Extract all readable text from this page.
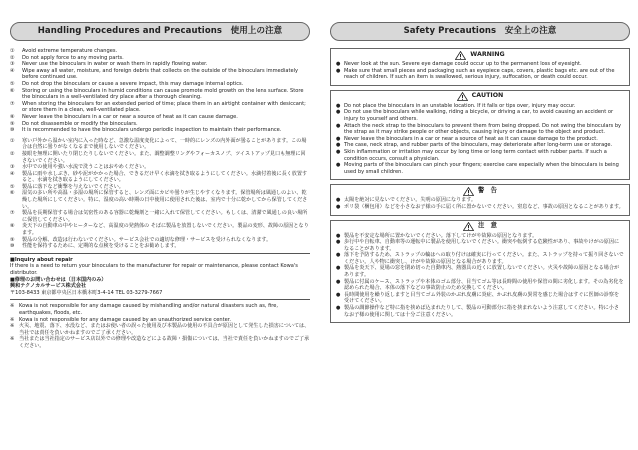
Handling Procedures and Precautions　使用上の注意	Safety Precautions　安全上の注意
①	Avoid extreme temperature changes.
②	Do not apply force to any moving parts.
③	Never use the binoculars in water or wash them in rapidly flowing water.
④	Wipe away all water, moisture, and foreign debris that collects on the outside of the binoculars immediately before continued use.
⑤	Do not drop the binoculars or cause a severe impact, this may damage internal optics.
⑥	Storing or using the binoculars in humid conditions can cause promote mold growth on the lens surface. Store the binoculars in a well-ventilated dry place after a thorough cleaning.
⑦	When storing the binoculars for an extended period of time; place them in an airtight container with desiccant; or store them in a clean, well-ventilated place.
⑧	Never leave the binoculars in a car or near a source of heat as it can cause damage.
⑨	Do not disassemble or modify the binoculars.
⑩	It is recommended to have the binoculars undergo periodic inspection to maintain their performance.
①	寒い戸外から温かい室内に入った時など、急激な温度変化によって、一時的にレンズの内外面が曇ることがあります。この場合は自然に曇りがなくなるまで使用しないでください。
②	接眼を無理に開いたり閉じたりしないでください。また、調整調整リングやフォーカスノブ、ツイストアップ見口も無理に回さないでください。
③	水中での使用や強い水流で洗うことはおやめください。
④	製品に雨や水しぶき、砂や泥がかかった場合、できるだけ早く水滴を拭き取るようにしてください。水滴付着後に長く放置すると、水滴を拭き取るようにしてください。
⑤	製品に落下など衝撃を与えないでください。
⑥	湿気の多い所や高温・多湿の場所に保管すると、レンズ面にカビや曇りが生じやすくなります。保管場所は風通しのよい、乾燥した場所にしてください。特に、湿度の高い時期の日中使用に使用された後は、室内で十分に乾かしてから保管してください。
⑦	製品を長期保管する場合は気密性のある容器に乾燥剤と一緒に入れて保管してください。もしくは、清潔で風通しの良い場所に保管してください。
⑧	炎天下の自動車の中やヒーターなど、高温度の発熱体の そばに製品を放置しないでください。製品の変形、故障の原因となります。
⑨	製品の分解、改造は行わないでください。サービス会社での適切な修理・サービスを受けられなくなります。
⑩	性能を保持するために、定期的な点検を受けることをお勧めします。
■Inquiry about repair
If there is a need to return your binoculars to the manufacturer for repair or maintenance, please contact Kowa's distributor.
■修理のお問い合わせは（日本国内のみ）
興和テクノカルサービス株式会社
〒103-8433 東京都中央区日本橋本町3-4-14 TEL 03-3279-7667
※ Kowa is not responsible for any damage caused by mishandling and/or natural disasters such as, fire, earthquakes, floods, etc.
※ Kowa is not responsible for any damage caused by an unauthorized service center.
※ 火災、地震、落下、水没など、またはお使い者の誤った使用及び本製品の使用の不具合が原因として発生した損害については、当社では責任を負いかねますのでご了承ください。
※ 当社または当社指定のサービス店以外での修理や改造などによる故障・損傷については、当社で責任を負いかねますのでご了承ください。
WARNING
● Never look at the sun. Severe eye damage could occur up to the permanent loss of eyesight.
● Make sure that small pieces and packaging such as eyepiece caps, covers, plastic bags etc. are out of the reach of children. If such an item is swallowed, serious injury, suffocation, or death could occur.
CAUTION
● Do not place the binoculars in an unstable location. If it falls or tips over, injury may occur.
● Do not use the binoculars while walking, riding a bicycle, or driving a car, to avoid causing an accident or injury to yourself and others.
● Attach the neck strap to the binoculars to prevent them from being dropped. Do not swing the binoculars by the strap as it may strike people or other objects, causing injury or damage to the object and product.
● Never leave the binoculars in a car or near a source of heat as it can cause damage to the product.
● The case, neck strap, and rubber parts of the binoculars, may deteriorate after long-term use or storage.
● Skin inflammation or irritation may occur by long time or long term contact with rubber parts. If such a condition occurs, consult a physician.
● Moving parts of the binoculars can pinch your fingers; exercise care especially when the binoculars is being used by small children.
警　告
● 太陽を絶対に見ないでください。失明の原因になります。
● ポリ袋（梱包用）などを小さなお子様の手に届く所に置かないでください。窒息など、事故の原因となることがあります。
注　意
● 製品を不安定な場所に置かないでください。落下してけがや故障の原因となります。
● 歩行中や自転車、自動車等の運転中に製品を使用しないでください。衝突や転倒する危険性があり、事故やけがの原因になることがあります。
● 落下を予防するため、ストラップの輪はへの取り付けは確実に行ってください。また、ストラップを持って振り回さないでください。人や物に衝突し、けがや故障の原因となる場合があります。
● 製品を炎天下、夏場の窓を閉め切った自動車内、熱器具の近くに放置しないでください。火災や故障の原因となる場合があります。
● 製品に付属のケース、ストラップや本体のゴム部分、目当てゴム等は長時間の使用や保管の間に劣化します。その為劣化を認められた場合、本体の落下などの事故防止のため交換してください。
● 長時間使用を繰り返しますと目当てゴム外装のかぶれ皮膚に炎症、かぶれ皮膚の異常を感じた場合はすぐに医師の診察を受けてください。
● 製品の調節操作など特に指を挟めば込まれたりして、製品の可動部分に指を挟まれないよう注意してください。特に小さなお子様の使用に関しては十分ご注意ください。
